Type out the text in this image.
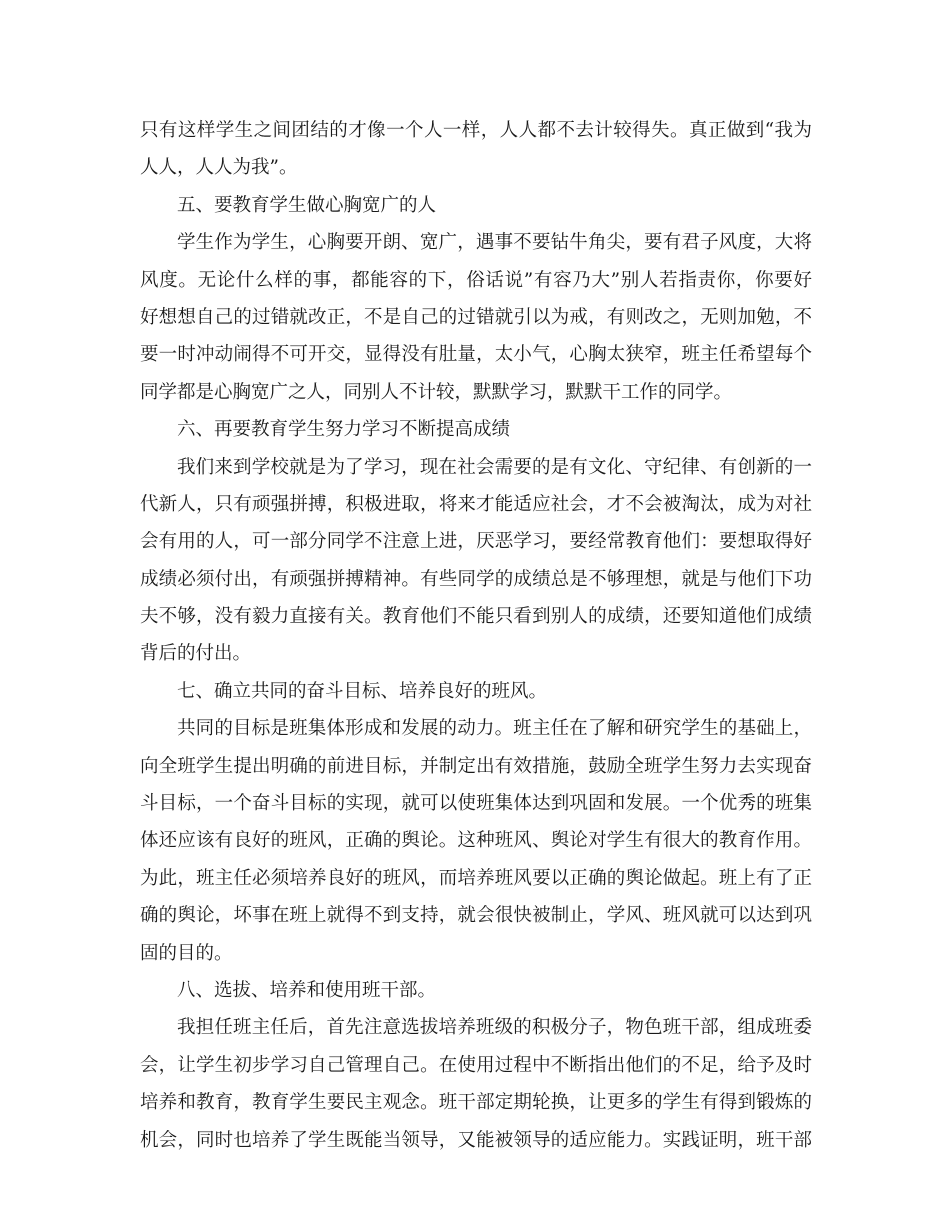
只有这样学生之间团结的才像一个人一样，人人都不去计较得失。真正做到“我为
人人，人人为我”。
五、要教育学生做心胸宽广的人
学生作为学生，心胸要开朗、宽广，遇事不要钻牛角尖，要有君子风度，大将
风度。无论什么样的事，都能容的下，俗话说”有容乃大”别人若指责你，你要好
好想想自己的过错就改正，不是自己的过错就引以为戒，有则改之，无则加勉，不
要一时冲动闹得不可开交，显得没有肚量，太小气，心胸太狭窄，班主任希望每个
同学都是心胸宽广之人，同别人不计较，默默学习，默默干工作的同学。
六、再要教育学生努力学习不断提高成绩
我们来到学校就是为了学习，现在社会需要的是有文化、守纪律、有创新的一
代新人，只有顽强拼搏，积极进取，将来才能适应社会，才不会被淘汰，成为对社
会有用的人，可一部分同学不注意上进，厌恶学习，要经常教育他们：要想取得好
成绩必须付出，有顽强拼搏精神。有些同学的成绩总是不够理想，就是与他们下功
夫不够，没有毅力直接有关。教育他们不能只看到别人的成绩，还要知道他们成绩
背后的付出。
七、确立共同的奋斗目标、培养良好的班风。
共同的目标是班集体形成和发展的动力。班主任在了解和研究学生的基础上，
向全班学生提出明确的前进目标，并制定出有效措施，鼓励全班学生努力去实现奋
斗目标，一个奋斗目标的实现，就可以使班集体达到巩固和发展。一个优秀的班集
体还应该有良好的班风，正确的舆论。这种班风、舆论对学生有很大的教育作用。
为此，班主任必须培养良好的班风，而培养班风要以正确的舆论做起。班上有了正
确的舆论，坏事在班上就得不到支持，就会很快被制止，学风、班风就可以达到巩
固的目的。
八、选拔、培养和使用班干部。
我担任班主任后，首先注意选拔培养班级的积极分子，物色班干部，组成班委
会，让学生初步学习自己管理自己。在使用过程中不断指出他们的不足，给予及时
培养和教育，教育学生要民主观念。班干部定期轮换，让更多的学生有得到锻炼的
机会，同时也培养了学生既能当领导，又能被领导的适应能力。实践证明，班干部
